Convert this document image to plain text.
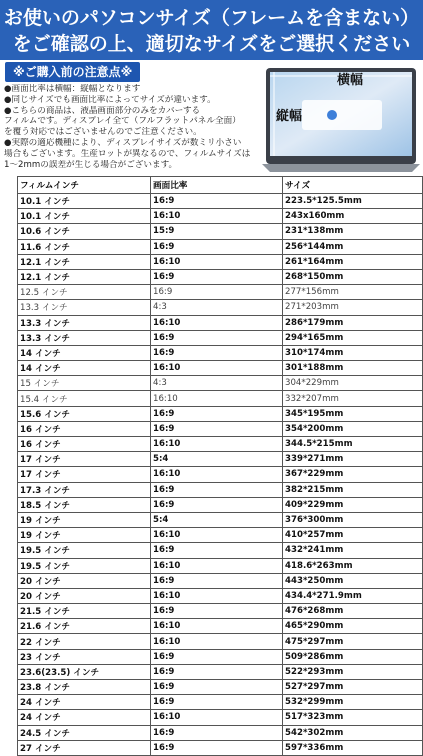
お使いのパソコンサイズ（フレームを含まない）
をご確認の上、適切なサイズをご選択ください
※ご購入前の注意点※
●画面比率は横幅：縦幅となります
●同じサイズでも画面比率によってサイズが違います。
●こちらの商品は、液晶画面部分のみをカバーする
フィルムです。ディスプレイ全て（フルフラットパネル全面）
を覆う対応ではございませんのでご注意ください。
●実際の適応機種により、ディスプレイサイズが数ミリ小さい
場合もございます。生産ロットが異なるので、フィルムサイズは
1～2mmの誤差が生じる場合がございます。
横幅
縦幅
フィルムインチ	画面比率	サイズ
10.1 インチ	16:9	223.5*125.5mm
10.1 インチ	16:10	243x160mm
10.6 インチ	15:9	231*138mm
11.6 インチ	16:9	256*144mm
12.1 インチ	16:10	261*164mm
12.1 インチ	16:9	268*150mm
12.5 インチ	16:9	277*156mm
13.3 インチ	4:3	271*203mm
13.3 インチ	16:10	286*179mm
13.3 インチ	16:9	294*165mm
14 インチ	16:9	310*174mm
14 インチ	16:10	301*188mm
15 インチ	4:3	304*229mm
15.4 インチ	16:10	332*207mm
15.6 インチ	16:9	345*195mm
16 インチ	16:9	354*200mm
16 インチ	16:10	344.5*215mm
17 インチ	5:4	339*271mm
17 インチ	16:10	367*229mm
17.3 インチ	16:9	382*215mm
18.5 インチ	16:9	409*229mm
19 インチ	5:4	376*300mm
19 インチ	16:10	410*257mm
19.5 インチ	16:9	432*241mm
19.5 インチ	16:10	418.6*263mm
20 インチ	16:9	443*250mm
20 インチ	16:10	434.4*271.9mm
21.5 インチ	16:9	476*268mm
21.6 インチ	16:10	465*290mm
22 インチ	16:10	475*297mm
23 インチ	16:9	509*286mm
23.6(23.5) インチ	16:9	522*293mm
23.8 インチ	16:9	527*297mm
24 インチ	16:9	532*299mm
24 インチ	16:10	517*323mm
24.5 インチ	16:9	542*302mm
27 インチ	16:9	597*336mm
